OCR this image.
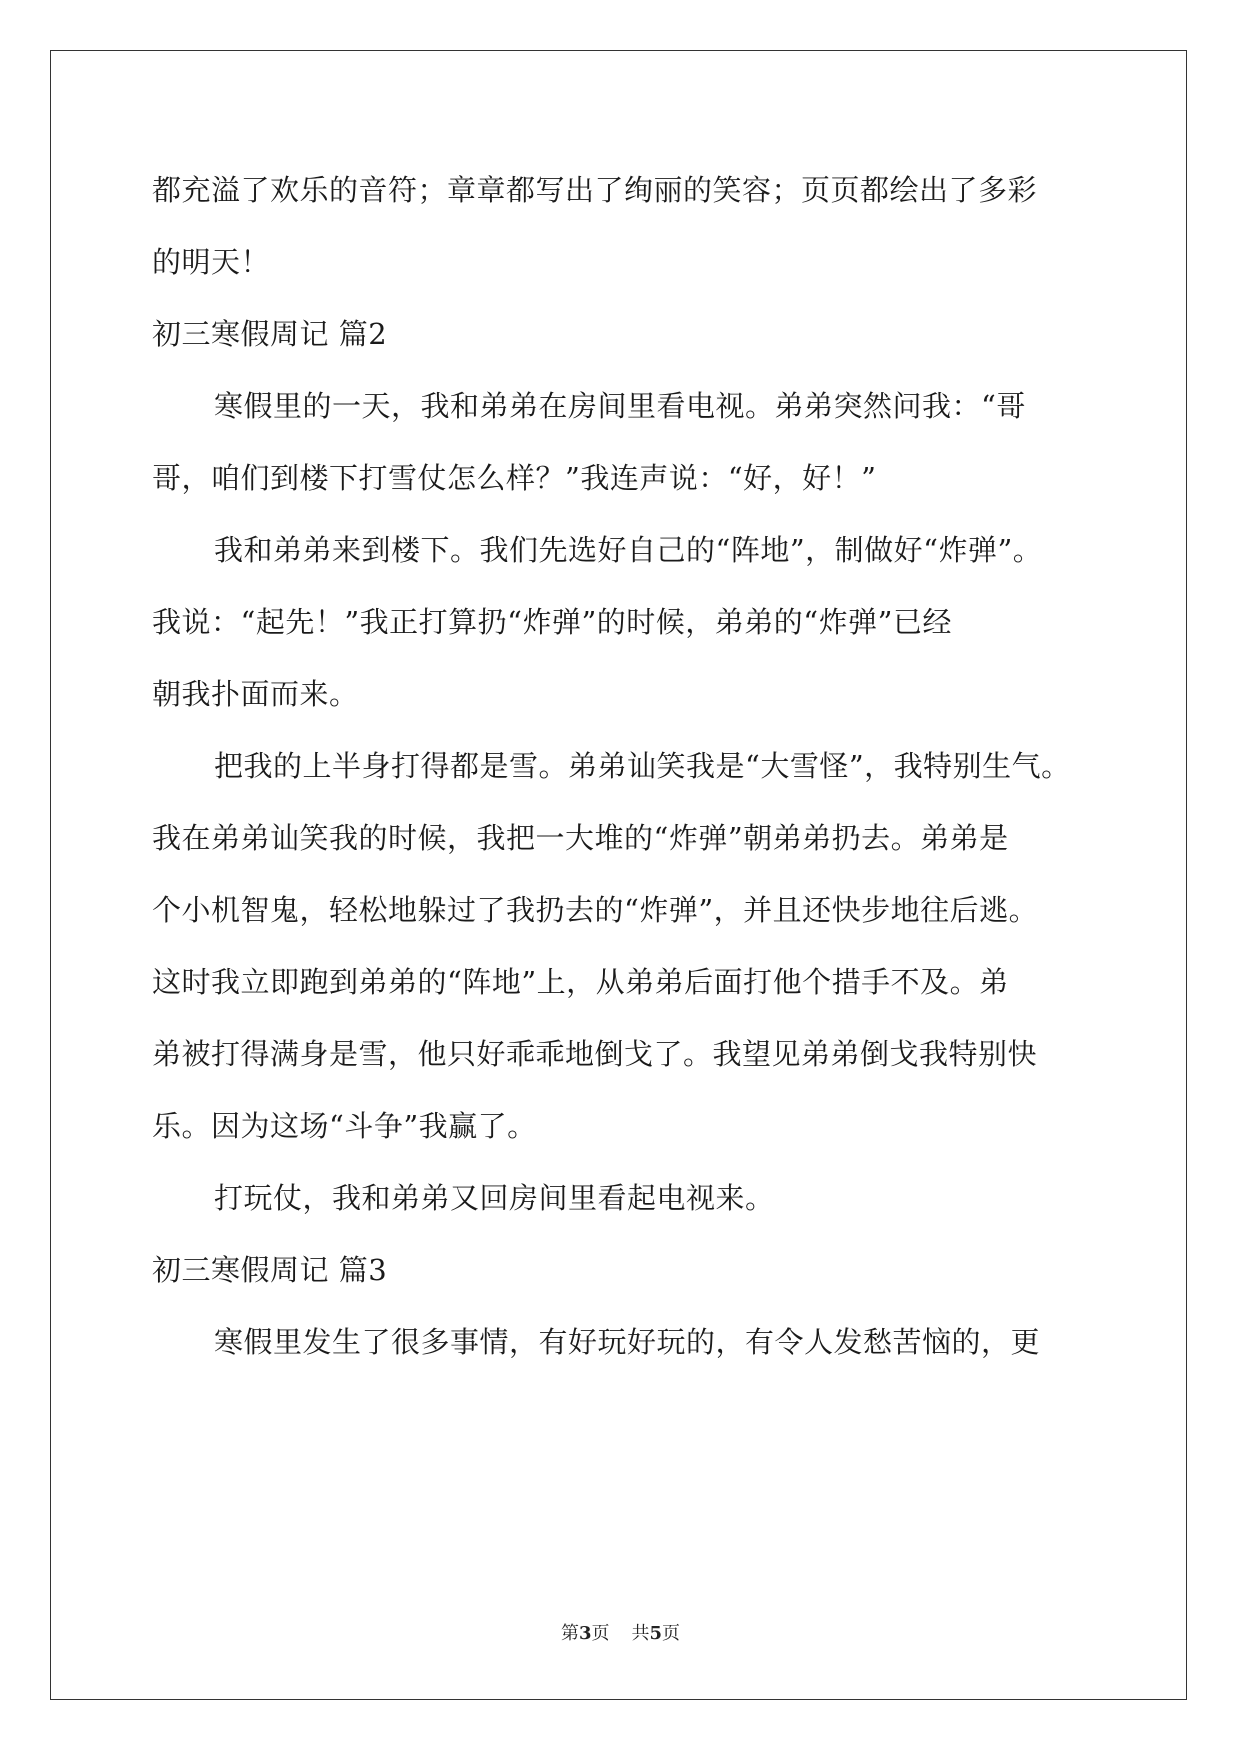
都充溢了欢乐的音符；章章都写出了绚丽的笑容；页页都绘出了多彩
的明天！
初三寒假周记 篇2
寒假里的一天，我和弟弟在房间里看电视。弟弟突然问我：“哥
哥，咱们到楼下打雪仗怎么样？”我连声说：“好，好！”
我和弟弟来到楼下。我们先选好自己的“阵地”，制做好“炸弹”。
我说：“起先！”我正打算扔“炸弹”的时候，弟弟的“炸弹”已经
朝我扑面而来。
把我的上半身打得都是雪。弟弟讪笑我是“大雪怪”，我特别生气。
我在弟弟讪笑我的时候，我把一大堆的“炸弹”朝弟弟扔去。弟弟是
个小机智鬼，轻松地躲过了我扔去的“炸弹”，并且还快步地往后逃。
这时我立即跑到弟弟的“阵地”上，从弟弟后面打他个措手不及。弟
弟被打得满身是雪，他只好乖乖地倒戈了。我望见弟弟倒戈我特别快
乐。因为这场“斗争”我赢了。
打玩仗，我和弟弟又回房间里看起电视来。
初三寒假周记 篇3
寒假里发生了很多事情，有好玩好玩的，有令人发愁苦恼的，更
第3页 共5页
